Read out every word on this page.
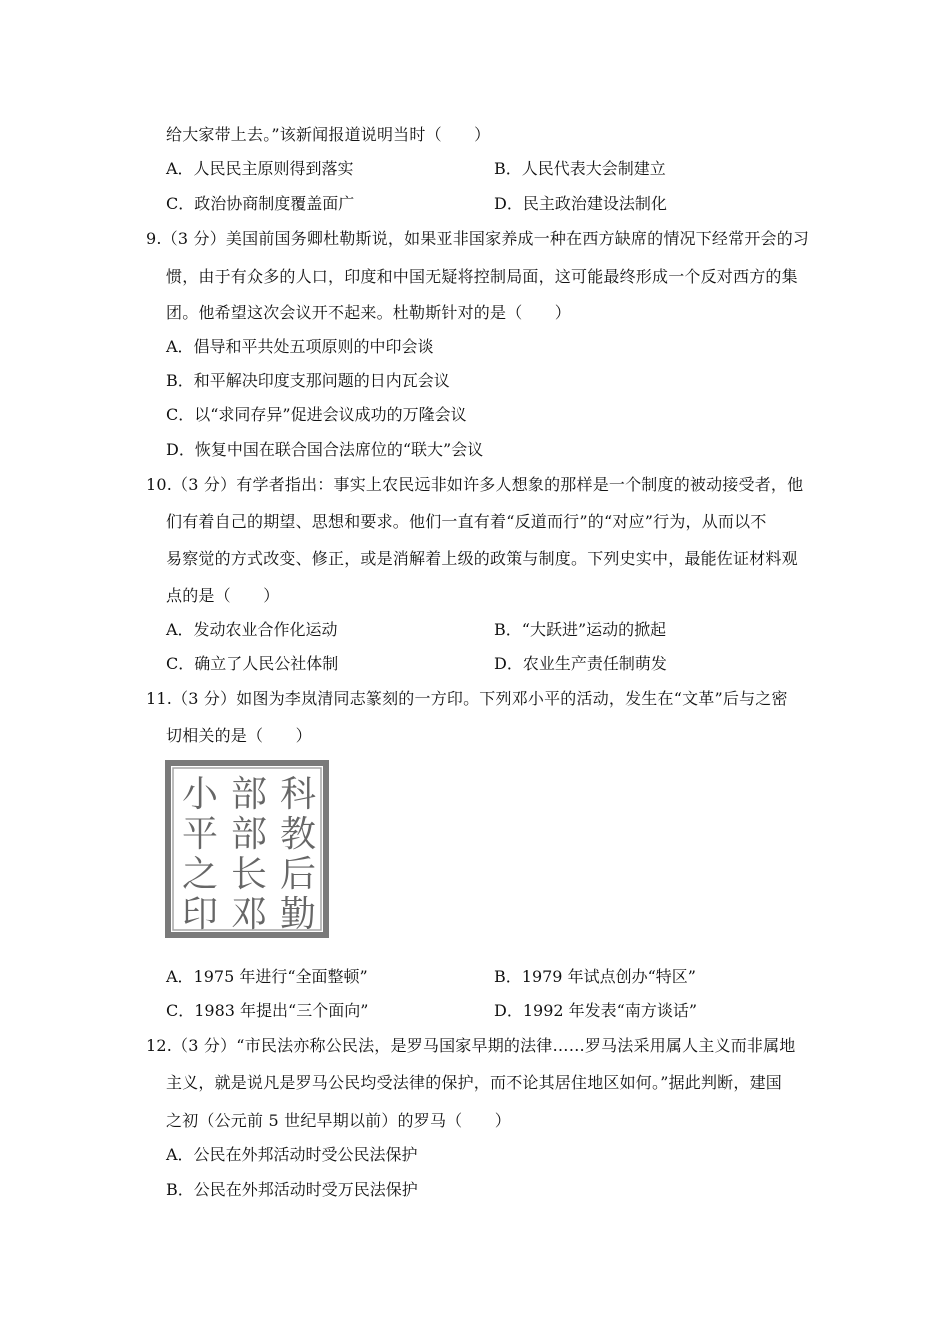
给大家带上去。”该新闻报道说明当时（　　）
A．人民民主原则得到落实	B．人民代表大会制建立
C．政治协商制度覆盖面广	D．民主政治建设法制化
9.（3 分）美国前国务卿杜勒斯说，如果亚非国家养成一种在西方缺席的情况下经常开会的习
惯，由于有众多的人口，印度和中国无疑将控制局面，这可能最终形成一个反对西方的集
团。他希望这次会议开不起来。杜勒斯针对的是（　　）
A．倡导和平共处五项原则的中印会谈
B．和平解决印度支那问题的日内瓦会议
C．以“求同存异”促进会议成功的万隆会议
D．恢复中国在联合国合法席位的“联大”会议
10.（3 分）有学者指出：事实上农民远非如许多人想象的那样是一个制度的被动接受者，他
们有着自己的期望、思想和要求。他们一直有着“反道而行”的“对应”行为，从而以不
易察觉的方式改变、修正，或是消解着上级的政策与制度。下列史实中，最能佐证材料观
点的是（　　）
A．发动农业合作化运动	B．“大跃进”运动的掀起
C．确立了人民公社体制	D．农业生产责任制萌发
11.（3 分）如图为李岚清同志篆刻的一方印。下列邓小平的活动，发生在“文革”后与之密
切相关的是（　　）
科
教
后
勤
部
部
长
邓
小
平
之
印
A．1975 年进行“全面整顿”	B．1979 年试点创办“特区”
C．1983 年提出“三个面向”	D．1992 年发表“南方谈话”
12.（3 分）“市民法亦称公民法，是罗马国家早期的法律……罗马法采用属人主义而非属地
主义，就是说凡是罗马公民均受法律的保护，而不论其居住地区如何。”据此判断，建国
之初（公元前 5 世纪早期以前）的罗马（　　）
A．公民在外邦活动时受公民法保护
B．公民在外邦活动时受万民法保护
